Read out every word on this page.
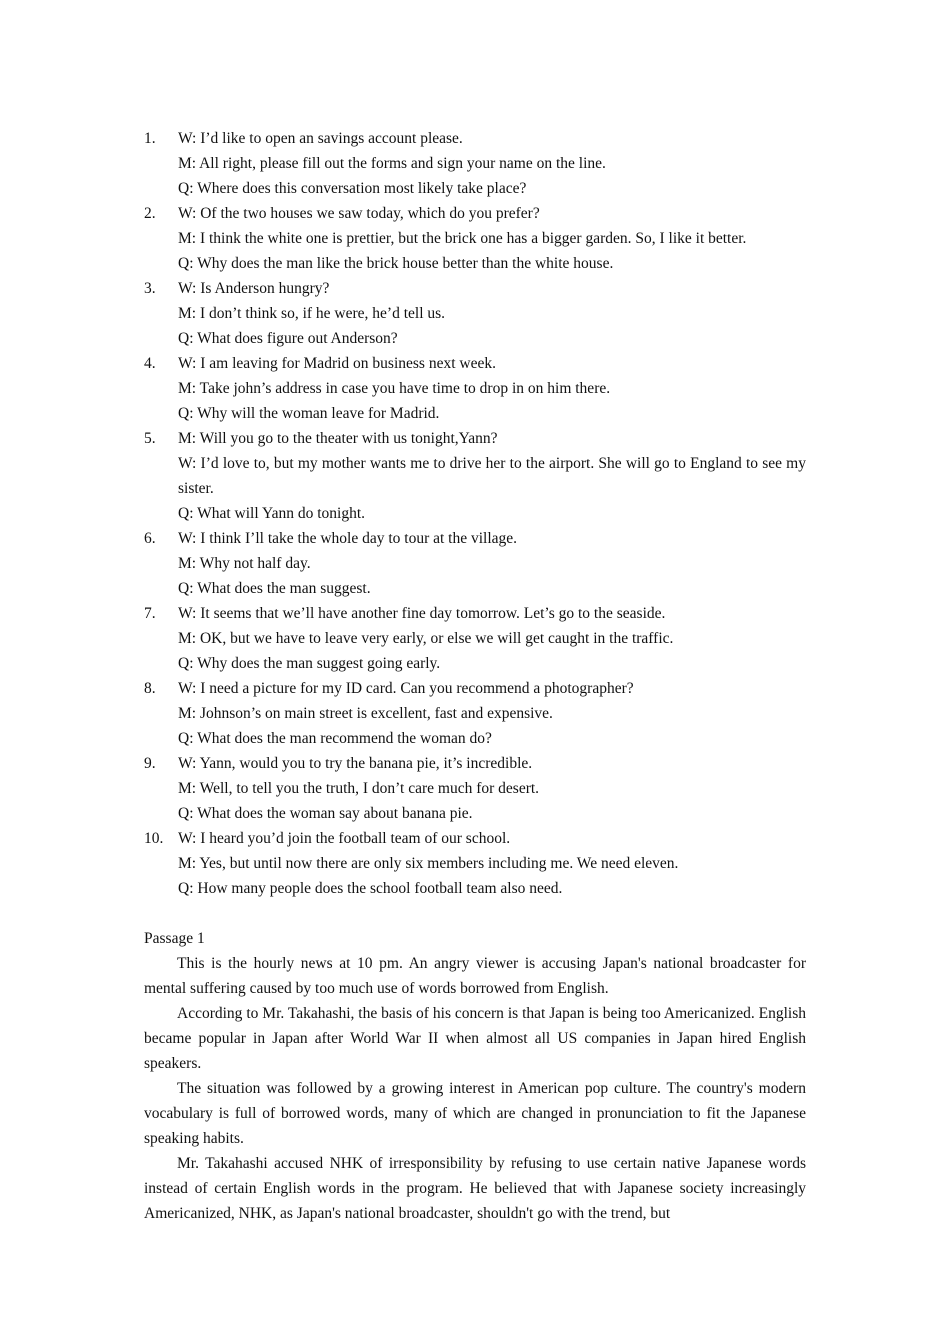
1. W: I’d like to open an savings account please.
M: All right, please fill out the forms and sign your name on the line.
Q: Where does this conversation most likely take place?
2. W: Of the two houses we saw today, which do you prefer?
M: I think the white one is prettier, but the brick one has a bigger garden. So, I like it better.
Q: Why does the man like the brick house better than the white house.
3. W: Is Anderson hungry?
M: I don’t think so, if he were, he’d tell us.
Q: What does figure out Anderson?
4. W: I am leaving for Madrid on business next week.
M: Take john’s address in case you have time to drop in on him there.
Q: Why will the woman leave for Madrid.
5. M: Will you go to the theater with us tonight,Yann?
W: I’d love to, but my mother wants me to drive her to the airport. She will go to England to see my sister.
Q: What will Yann do tonight.
6. W: I think I’ll take the whole day to tour at the village.
M: Why not half day.
Q: What does the man suggest.
7. W: It seems that we’ll have another fine day tomorrow. Let’s go to the seaside.
M: OK, but we have to leave very early, or else we will get caught in the traffic.
Q: Why does the man suggest going early.
8. W: I need a picture for my ID card. Can you recommend a photographer?
M: Johnson’s on main street is excellent, fast and expensive.
Q: What does the man recommend the woman do?
9. W: Yann, would you to try the banana pie, it’s incredible.
M: Well, to tell you the truth, I don’t care much for desert.
Q: What does the woman say about banana pie.
10. W: I heard you’d join the football team of our school.
M: Yes, but until now there are only six members including me. We need eleven.
Q: How many people does the school football team also need.
Passage 1
This is the hourly news at 10 pm. An angry viewer is accusing Japan's national broadcaster for mental suffering caused by too much use of words borrowed from English.
According to Mr. Takahashi, the basis of his concern is that Japan is being too Americanized. English became popular in Japan after World War II when almost all US companies in Japan hired English speakers.
The situation was followed by a growing interest in American pop culture. The country's modern vocabulary is full of borrowed words, many of which are changed in pronunciation to fit the Japanese speaking habits.
Mr. Takahashi accused NHK of irresponsibility by refusing to use certain native Japanese words instead of certain English words in the program. He believed that with Japanese society increasingly Americanized, NHK, as Japan's national broadcaster, shouldn't go with the trend, but
